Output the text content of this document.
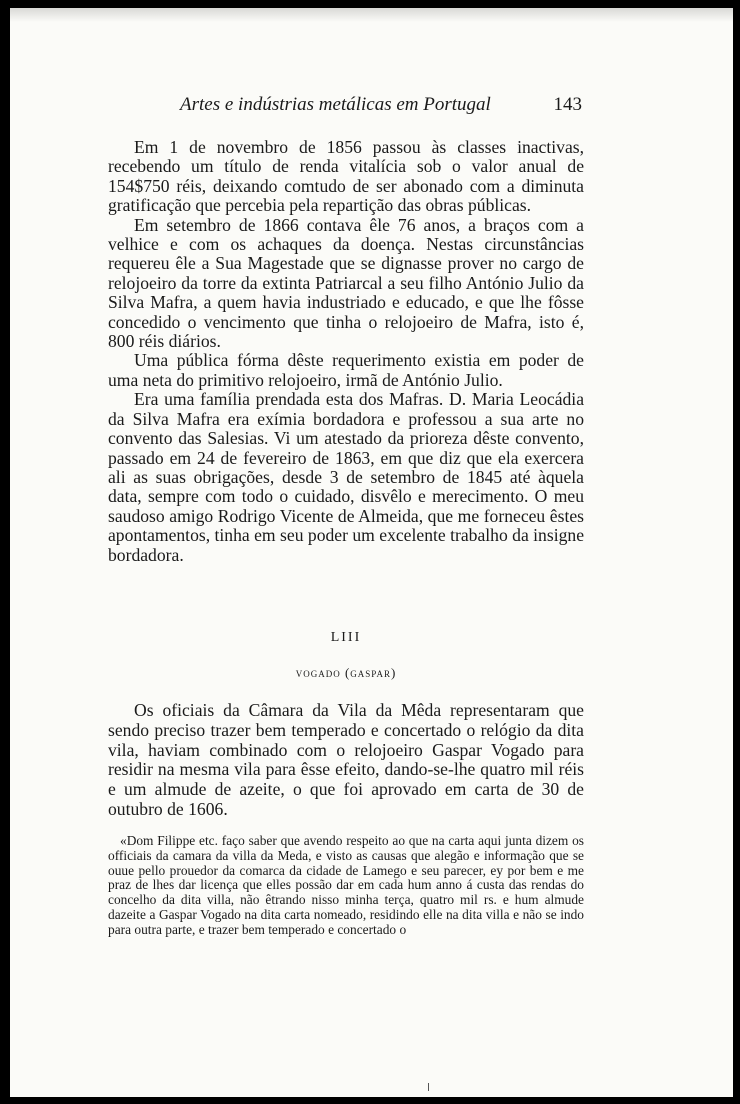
Artes e indústrias metálicas em Portugal	143

Em 1 de novembro de 1856 passou às classes inactivas, recebendo um título de renda vitalícia sob o valor anual de 154$750 réis, deixando comtudo de ser abonado com a diminuta gratificação que percebia pela repartição das obras públicas.

Em setembro de 1866 contava êle 76 anos, a braços com a velhice e com os achaques da doença. Nestas circunstâncias requereu êle a Sua Magestade que se dignasse prover no cargo de relojoeiro da torre da extinta Patriarcal a seu filho António Julio da Silva Mafra, a quem havia industriado e educado, e que lhe fôsse concedido o vencimento que tinha o relojoeiro de Mafra, isto é, 800 réis diários.

Uma pública fórma dêste requerimento existia em poder de uma neta do primitivo relojoeiro, irmã de António Julio.

Era uma família prendada esta dos Mafras. D. Maria Leocádia da Silva Mafra era exímia bordadora e professou a sua arte no convento das Salesias. Vi um atestado da prioreza dêste convento, passado em 24 de fevereiro de 1863, em que diz que ela exercera ali as suas obrigações, desde 3 de setembro de 1845 até àquela data, sempre com todo o cuidado, disvêlo e merecimento. O meu saudoso amigo Rodrigo Vicente de Almeida, que me forneceu êstes apontamentos, tinha em seu poder um excelente trabalho da insigne bordadora.

LIII
vogado (gaspar)

Os oficiais da Câmara da Vila da Mêda representaram que sendo preciso trazer bem temperado e concertado o relógio da dita vila, haviam combinado com o relojoeiro Gaspar Vogado para residir na mesma vila para êsse efeito, dando-se-lhe quatro mil réis e um almude de azeite, o que foi aprovado em carta de 30 de outubro de 1606.

«Dom Filippe etc. faço saber que avendo respeito ao que na carta aqui junta dizem os officiais da camara da villa da Meda, e visto as causas que alegão e informação que se ouue pello prouedor da comarca da cidade de Lamego e seu parecer, ey por bem e me praz de lhes dar licença que elles possão dar em cada hum anno á custa das rendas do concelho da dita villa, não êtrando nisso minha terça, quatro mil rs. e hum almude dazeite a Gaspar Vogado na dita carta nomeado, residindo elle na dita villa e não se indo para outra parte, e trazer bem temperado e concertado o
